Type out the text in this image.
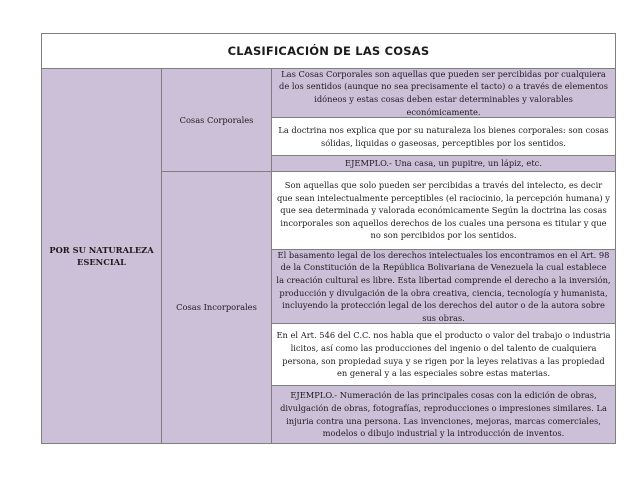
CLASIFICACIÓN DE LAS COSAS
POR SU NATURALEZA ESENCIAL
Cosas Corporales
Cosas Incorporales
Las Cosas Corporales son aquellas que pueden ser percibidas por cualquiera de los sentidos (aunque no sea precisamente el tacto) o a través de elementos idóneos y estas cosas deben estar determinables y valorables económicamente.
La doctrina nos explica que por su naturaleza los bienes corporales: son cosas sólidas, liquidas o gaseosas, perceptibles por los sentidos.
EJEMPLO.- Una casa, un pupitre, un lápiz, etc.
Son aquellas que solo pueden ser percibidas a través del intelecto, es decir que sean intelectualmente perceptibles (el raciocinio, la percepción humana) y que sea determinada y valorada económicamente Según la doctrina las cosas incorporales son aquellos derechos de los cuales una persona es titular y que no son percibidos por los sentidos.
El basamento legal de los derechos intelectuales los encontramos en el Art. 98 de la Constitución de la República Bolivariana de Venezuela la cual establece la creación cultural es libre. Esta libertad comprende el derecho a la inversión, producción y divulgación de la obra creativa, ciencia, tecnología y humanista, incluyendo la protección legal de los derechos del autor o de la autora sobre sus obras.
En el Art. 546 del C.C. nos habla que el producto o valor del trabajo o industria licitos, así como las producciones del ingenio o del talento de cualquiera persona, son propiedad suya y se rigen por la leyes relativas a las propiedad en general y a las especiales sobre estas materias.
EJEMPLO.- Numeración de las principales cosas con la edición de obras, divulgación de obras, fotografías, reproducciones o impresiones similares. La injuria contra una persona. Las invenciones, mejoras, marcas comerciales, modelos o dibujo industrial y la introducción de inventos.
